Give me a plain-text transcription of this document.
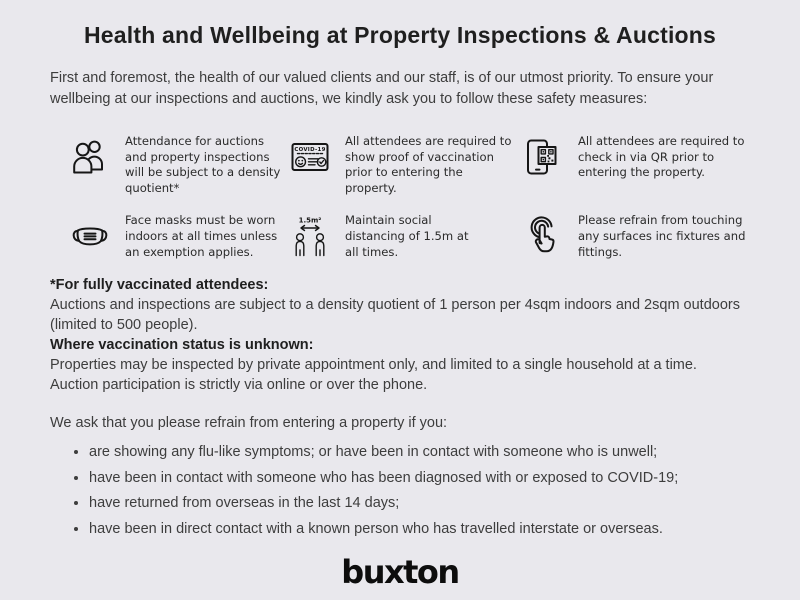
Health and Wellbeing at Property Inspections & Auctions

First and foremost, the health of our valued clients and our staff, is of our utmost priority. To ensure your wellbeing at our inspections and auctions, we kindly ask you to follow these safety measures:

Attendance for auctions and property inspections will be subject to a density quotient*

COVID-19

All attendees are required to show proof of vaccination prior to entering the property.

All attendees are required to check in via QR prior to entering the property.

Face masks must be worn indoors at all times unless an exemption applies.

1.5m² Maintain social distancing of 1.5m at all times.

Please refrain from touching any surfaces inc fixtures and fittings.

*For fully vaccinated attendees:

Auctions and inspections are subject to a density quotient of 1 person per 4sqm indoors and 2sqm outdoors (limited to 500 people).

Where vaccination status is unknown:

Properties may be inspected by private appointment only, and limited to a single household at a time.

Auction participation is strictly via online or over the phone.

We ask that you please refrain from entering a property if you:

• are showing any flu-like symptoms; or have been in contact with someone who is unwell;
• have been in contact with someone who has been diagnosed with or exposed to COVID-19;
• have returned from overseas in the last 14 days;
• have been in direct contact with a known person who has travelled interstate or overseas.
buxton
